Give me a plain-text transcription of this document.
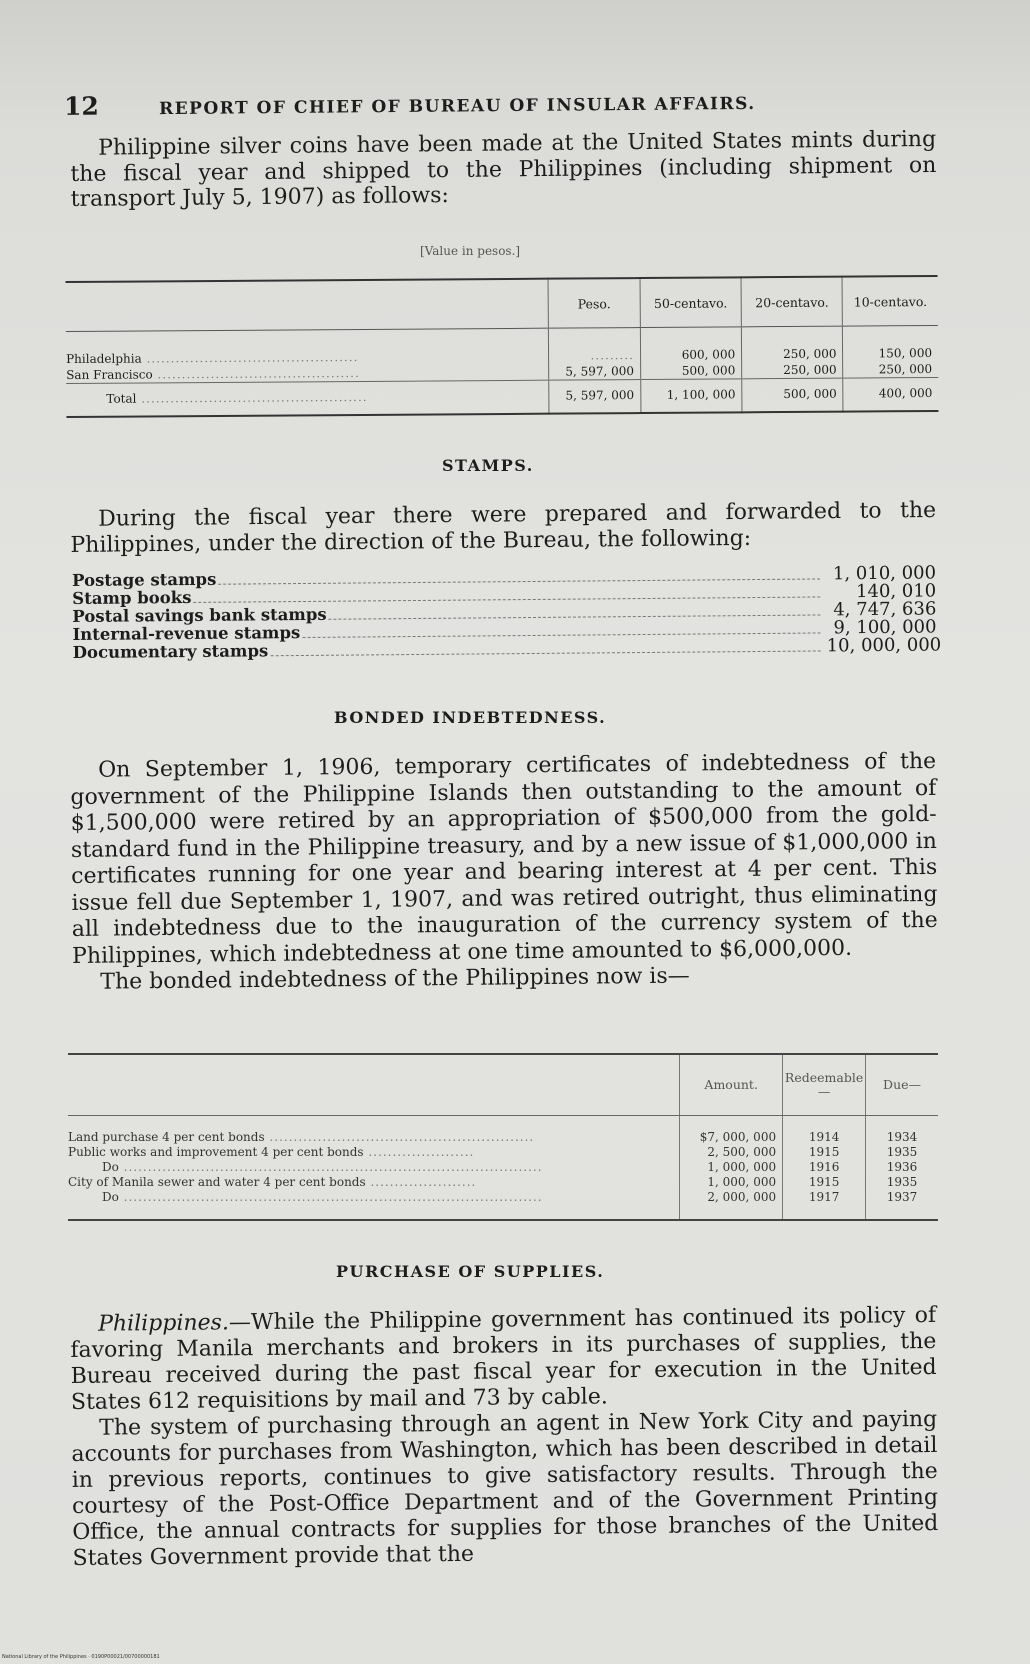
12	REPORT OF CHIEF OF BUREAU OF INSULAR AFFAIRS.
Philippine silver coins have been made at the United States mints during the fiscal year and shipped to the Philippines (including shipment on transport July 5, 1907) as follows:
[Value in pesos.]
	Peso.	50-centavo.	20-centavo.	10-centavo.
Philadelphia ............................................	.........	600, 000	250, 000	150, 000
San Francisco ..........................................	5, 597, 000	500, 000	250, 000	250, 000
Total ...............................................	5, 597, 000	1, 100, 000	500, 000	400, 000
STAMPS.
During the fiscal year there were prepared and forwarded to the Philippines, under the direction of the Bureau, the following:
Postage stamps	1, 010, 000
Stamp books	140, 010
Postal savings bank stamps	4, 747, 636
Internal-revenue stamps	9, 100, 000
Documentary stamps	10, 000, 000
BONDED INDEBTEDNESS.
On September 1, 1906, temporary certificates of indebtedness of the government of the Philippine Islands then outstanding to the amount of $1,500,000 were retired by an appropriation of $500,000 from the gold-standard fund in the Philippine treasury, and by a new issue of $1,000,000 in certificates running for one year and bearing interest at 4 per cent. This issue fell due September 1, 1907, and was retired outright, thus eliminating all indebtedness due to the inauguration of the currency system of the Philippines, which indebtedness at one time amounted to $6,000,000.
The bonded indebtedness of the Philippines now is—
	Amount.	Redeemable—	Due—
Land purchase 4 per cent bonds .......................................................	$7, 000, 000	1914	1934
Public works and improvement 4 per cent bonds ......................	2, 500, 000	1915	1935
Do .......................................................................................	1, 000, 000	1916	1936
City of Manila sewer and water 4 per cent bonds ......................	1, 000, 000	1915	1935
Do .......................................................................................	2, 000, 000	1917	1937
PURCHASE OF SUPPLIES.
Philippines.—While the Philippine government has continued its policy of favoring Manila merchants and brokers in its purchases of supplies, the Bureau received during the past fiscal year for execution in the United States 612 requisitions by mail and 73 by cable.
The system of purchasing through an agent in New York City and paying accounts for purchases from Washington, which has been described in detail in previous reports, continues to give satisfactory results. Through the courtesy of the Post-Office Department and of the Government Printing Office, the annual contracts for supplies for those branches of the United States Government provide that the
National Library of the Philippines · 0190P00021/00700000181
